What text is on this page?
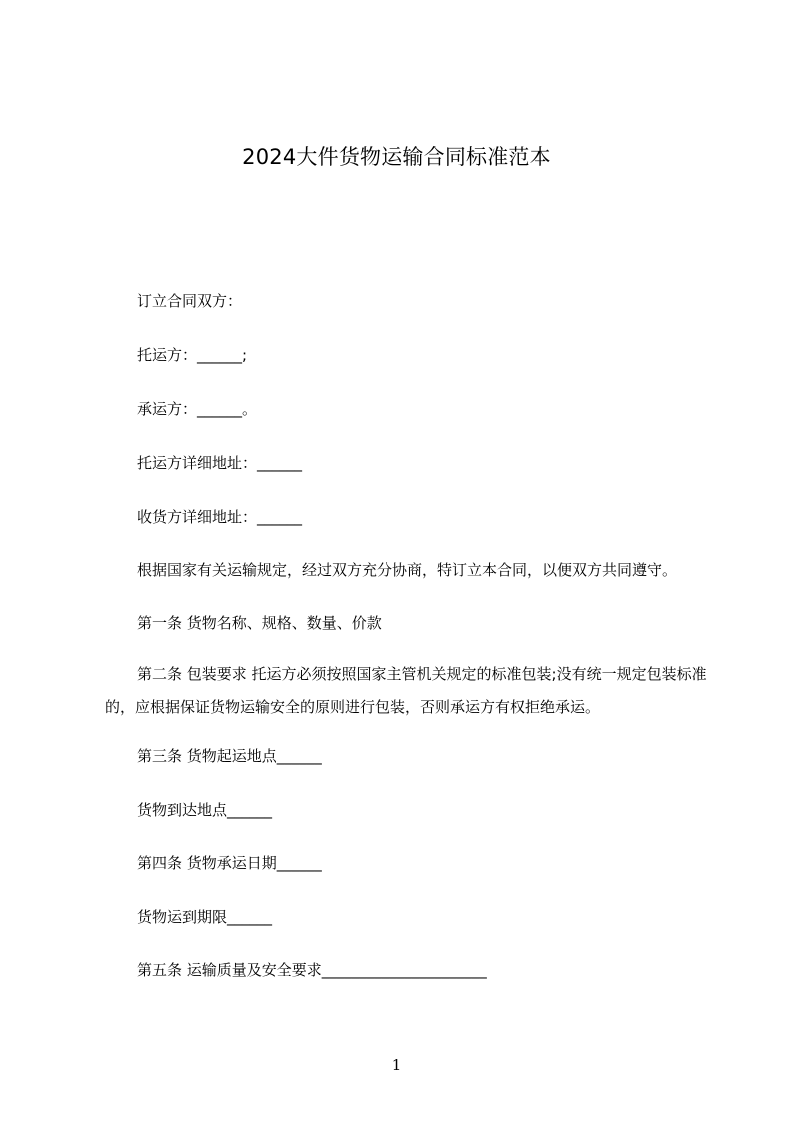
2024大件货物运输合同标准范本
订立合同双方：
托运方：______;
承运方：______。
托运方详细地址：______
收货方详细地址：______
根据国家有关运输规定，经过双方充分协商，特订立本合同，以便双方共同遵守。
第一条 货物名称、规格、数量、价款
第二条 包装要求 托运方必须按照国家主管机关规定的标准包装;没有统一规定包装标准的，应根据保证货物运输安全的原则进行包装，否则承运方有权拒绝承运。
第三条 货物起运地点______
货物到达地点______
第四条 货物承运日期______
货物运到期限______
第五条 运输质量及安全要求______________________
1
